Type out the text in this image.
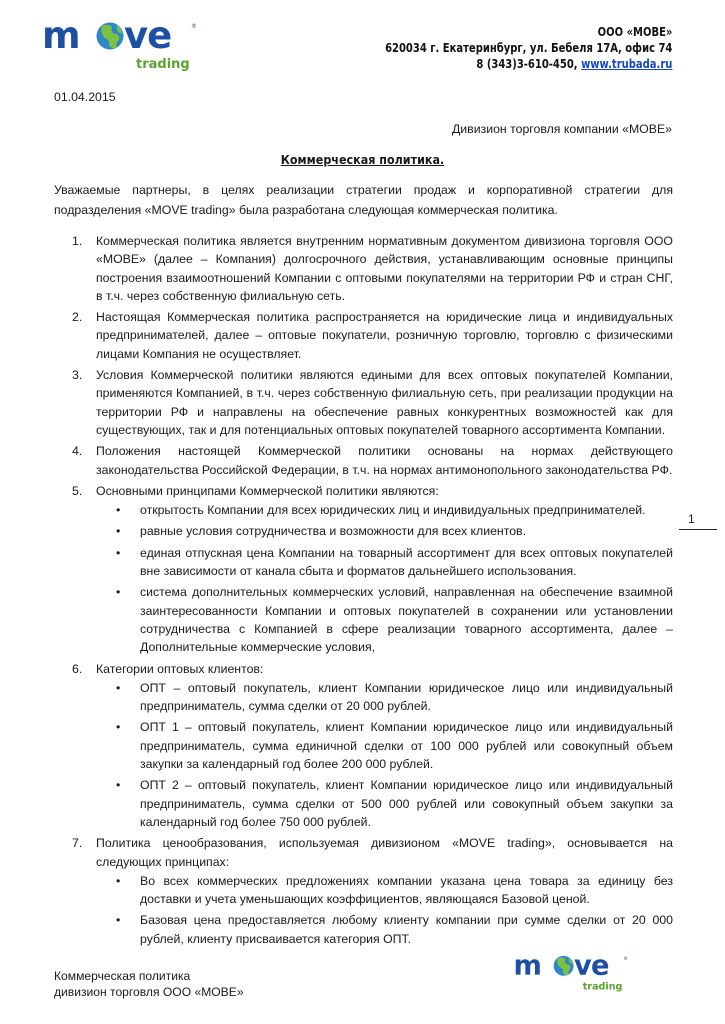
m ve	®
trading
ООО «МОВЕ»
620034 г. Екатеринбург, ул. Бебеля 17А, офис 74
8 (343)3-610-450, www.trubada.ru
01.04.2015
Дивизион торговля компании «МОВЕ»
Коммерческая политика.
Уважаемые партнеры, в целях реализации стратегии продаж и корпоративной стратегии для подразделения «MOVE trading» была разработана следующая коммерческая политика.
1. Коммерческая политика является внутренним нормативным документом дивизиона торговля ООО «МОВЕ» (далее – Компания) долгосрочного действия, устанавливающим основные принципы построения взаимоотношений Компании с оптовыми покупателями на территории РФ и стран СНГ, в т.ч. через собственную филиальную сеть.
2. Настоящая Коммерческая политика распространяется на юридические лица и индивидуальных предпринимателей, далее – оптовые покупатели, розничную торговлю, торговлю с физическими лицами Компания не осуществляет.
3. Условия Коммерческой политики являются едиными для всех оптовых покупателей Компании, применяются Компанией, в т.ч. через собственную филиальную сеть, при реализации продукции на территории РФ и направлены на обеспечение равных конкурентных возможностей как для существующих, так и для потенциальных оптовых покупателей товарного ассортимента Компании.
4. Положения настоящей Коммерческой политики основаны на нормах действующего законодательства Российской Федерации, в т.ч. на нормах антимонопольного законодательства РФ.
5. Основными принципами Коммерческой политики являются:
• открытость Компании для всех юридических лиц и индивидуальных предпринимателей.
• равные условия сотрудничества и возможности для всех клиентов.
• единая отпускная цена Компании на товарный ассортимент для всех оптовых покупателей вне зависимости от канала сбыта и форматов дальнейшего использования.
• система дополнительных коммерческих условий, направленная на обеспечение взаимной заинтересованности Компании и оптовых покупателей в сохранении или установлении сотрудничества с Компанией в сфере реализации товарного ассортимента, далее – Дополнительные коммерческие условия,
6. Категории оптовых клиентов:
• ОПТ – оптовый покупатель, клиент Компании юридическое лицо или индивидуальный предприниматель, сумма сделки от 20 000 рублей.
• ОПТ 1 – оптовый покупатель, клиент Компании юридическое лицо или индивидуальный предприниматель, сумма единичной сделки от 100 000 рублей или совокупный объем закупки за календарный год более 200 000 рублей.
• ОПТ 2 – оптовый покупатель, клиент Компании юридическое лицо или индивидуальный предприниматель, сумма сделки от 500 000 рублей или совокупный объем закупки за календарный год более 750 000 рублей.
7. Политика ценообразования, используемая дивизионом «MOVE trading», основывается на следующих принципах:
• Во всех коммерческих предложениях компании указана цена товара за единицу без доставки и учета уменьшающих коэффициентов, являющаяся Базовой ценой.
• Базовая цена предоставляется любому клиенту компании при сумме сделки от 20 000 рублей, клиенту присваивается категория ОПТ.
1
Коммерческая политика
дивизион торговля ООО «МОВЕ»
m ve ®
trading
